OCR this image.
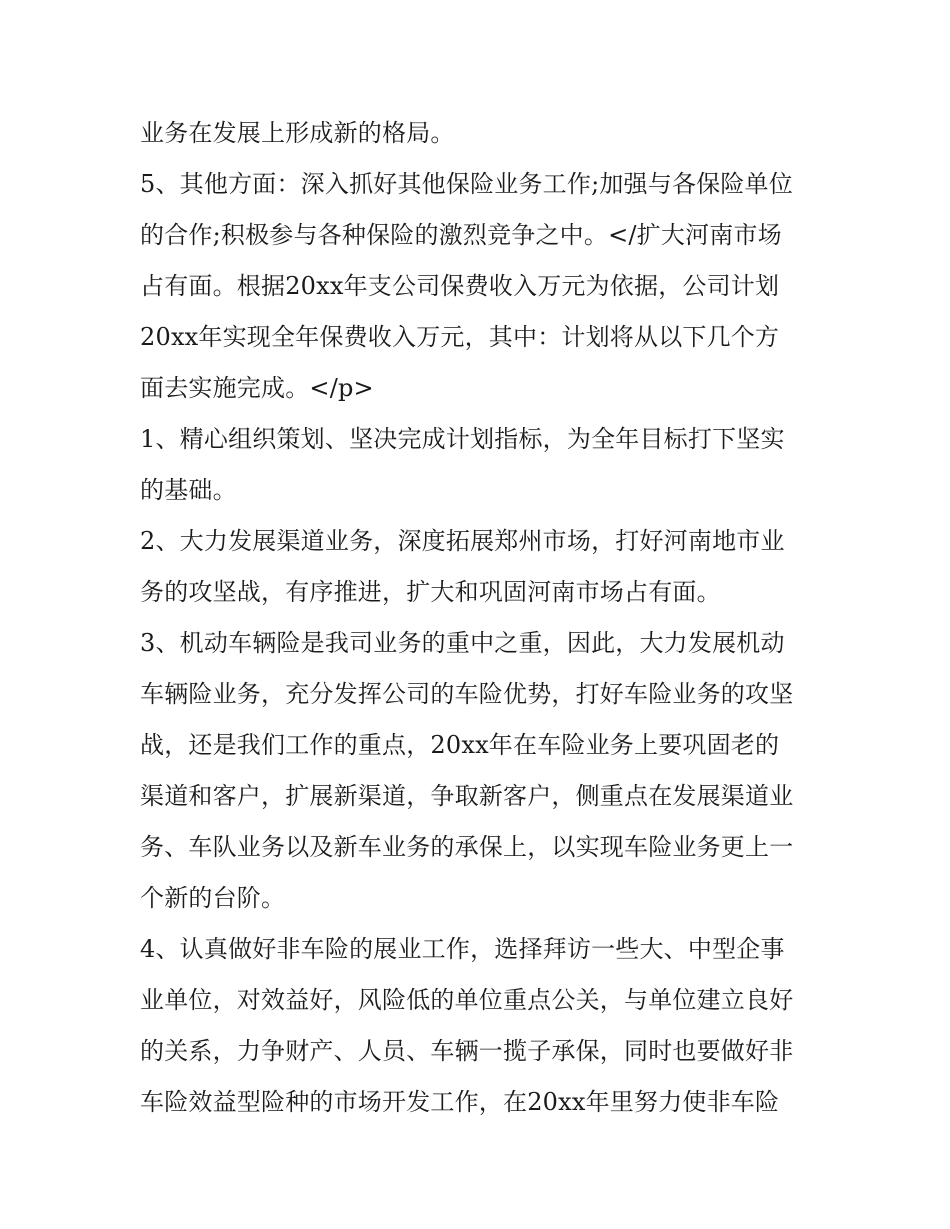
业务在发展上形成新的格局。
5、其他方面：深入抓好其他保险业务工作;加强与各保险单位
的合作;积极参与各种保险的激烈竞争之中。</扩大河南市场
占有面。根据20xx年支公司保费收入万元为依据，公司计划
20xx年实现全年保费收入万元，其中：计划将从以下几个方
面去实施完成。</p>
1、精心组织策划、坚决完成计划指标，为全年目标打下坚实
的基础。
2、大力发展渠道业务，深度拓展郑州市场，打好河南地市业
务的攻坚战，有序推进，扩大和巩固河南市场占有面。
3、机动车辆险是我司业务的重中之重，因此，大力发展机动
车辆险业务，充分发挥公司的车险优势，打好车险业务的攻坚
战，还是我们工作的重点，20xx年在车险业务上要巩固老的
渠道和客户，扩展新渠道，争取新客户，侧重点在发展渠道业
务、车队业务以及新车业务的承保上，以实现车险业务更上一
个新的台阶。
4、认真做好非车险的展业工作，选择拜访一些大、中型企事
业单位，对效益好，风险低的单位重点公关，与单位建立良好
的关系，力争财产、人员、车辆一揽子承保，同时也要做好非
车险效益型险种的市场开发工作，在20xx年里努力使非车险
